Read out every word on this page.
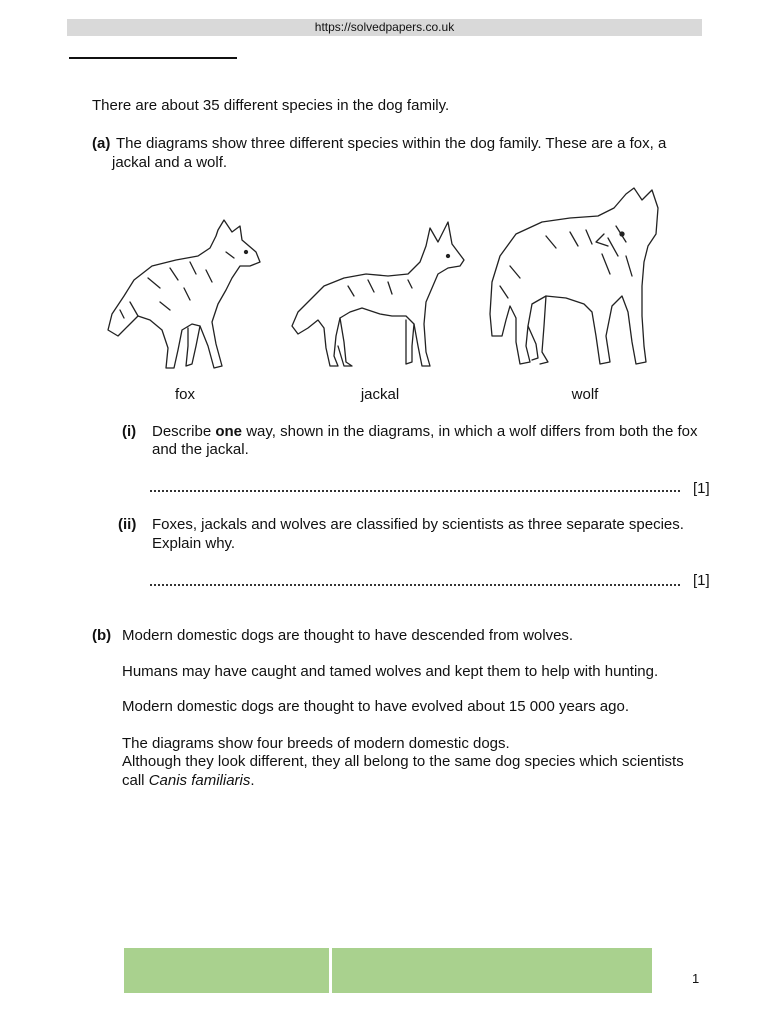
https://solvedpapers.co.uk

There are about 35 different species in the dog family.

(a) The diagrams show three different species within the dog family. These are a fox, a

jackal and a wolf.

fox	jackal	wolf
(i) Describe one way, shown in the diagrams, in which a wolf differs from both the fox

and the jackal.

[1]
(ii) Foxes, jackals and wolves are classified by scientists as three separate species.

Explain why.

[1]
(b) Modern domestic dogs are thought to have descended from wolves.

Humans may have caught and tamed wolves and kept them to help with hunting.

Modern domestic dogs are thought to have evolved about 15 000 years ago.

The diagrams show four breeds of modern domestic dogs.

Although they look different, they all belong to the same dog species which scientists

call Canis familiaris.

1
